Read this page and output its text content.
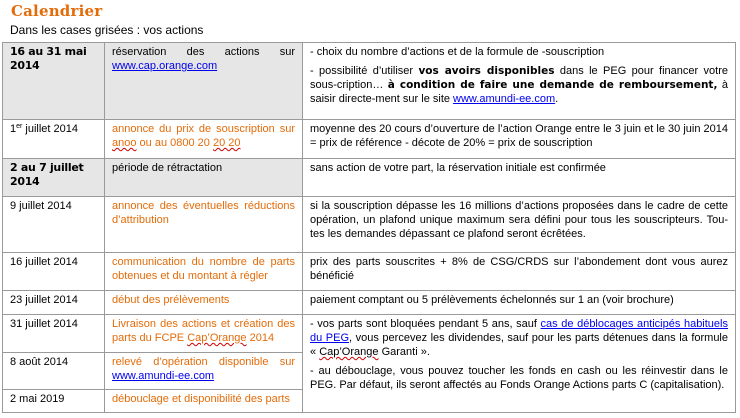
Calendrier
Dans les cases grisées : vos actions
16 au 31 mai 2014	réservation des actions sur www.cap.orange.com	- choix du nombre d’actions et de la formule de -souscription

- possibilité d’utiliser vos avoirs disponibles dans le PEG pour financer votre sous-cription… à condition de faire une demande de remboursement, à saisir directe-ment sur le site www.amundi-ee.com.

1er juillet 2014	annonce du prix de souscription sur anoo ou au 0800 20 20 20	moyenne des 20 cours d’ouverture de l’action Orange entre le 3 juin et le 30 juin 2014 = prix de référence - décote de 20% = prix de souscription
2 au 7 juillet 2014	période de rétractation	sans action de votre part, la réservation initiale est confirmée
9 juillet 2014	annonce des éventuelles réductions d’attribution	si la souscription dépasse les 16 millions d’actions proposées dans le cadre de cette opération, un plafond unique maximum sera défini pour tous les souscripteurs. Tou-tes les demandes dépassant ce plafond seront écrêtées.
16 juillet 2014	communication du nombre de parts obtenues et du montant à régler	prix des parts souscrites + 8% de CSG/CRDS sur l’abondement dont vous aurez bénéficié
23 juillet 2014	début des prélèvements	paiement comptant ou 5 prélèvements échelonnés sur 1 an (voir brochure)
31 juillet 2014	Livraison des actions et création des parts du FCPE Cap’Orange 2014	- vos parts sont bloquées pendant 5 ans, sauf cas de déblocages anticipés habituels du PEG, vous percevez les dividendes, sauf pour les parts détenues dans la formule « Cap’Orange Garanti ».

- au débouclage, vous pouvez toucher les fonds en cash ou les réinvestir dans le PEG. Par défaut, ils seront affectés au Fonds Orange Actions parts C (capitalisation).

8 août 2014	relevé d’opération disponible sur www.amundi-ee.com	
2 mai 2019	débouclage et disponibilité des parts	
